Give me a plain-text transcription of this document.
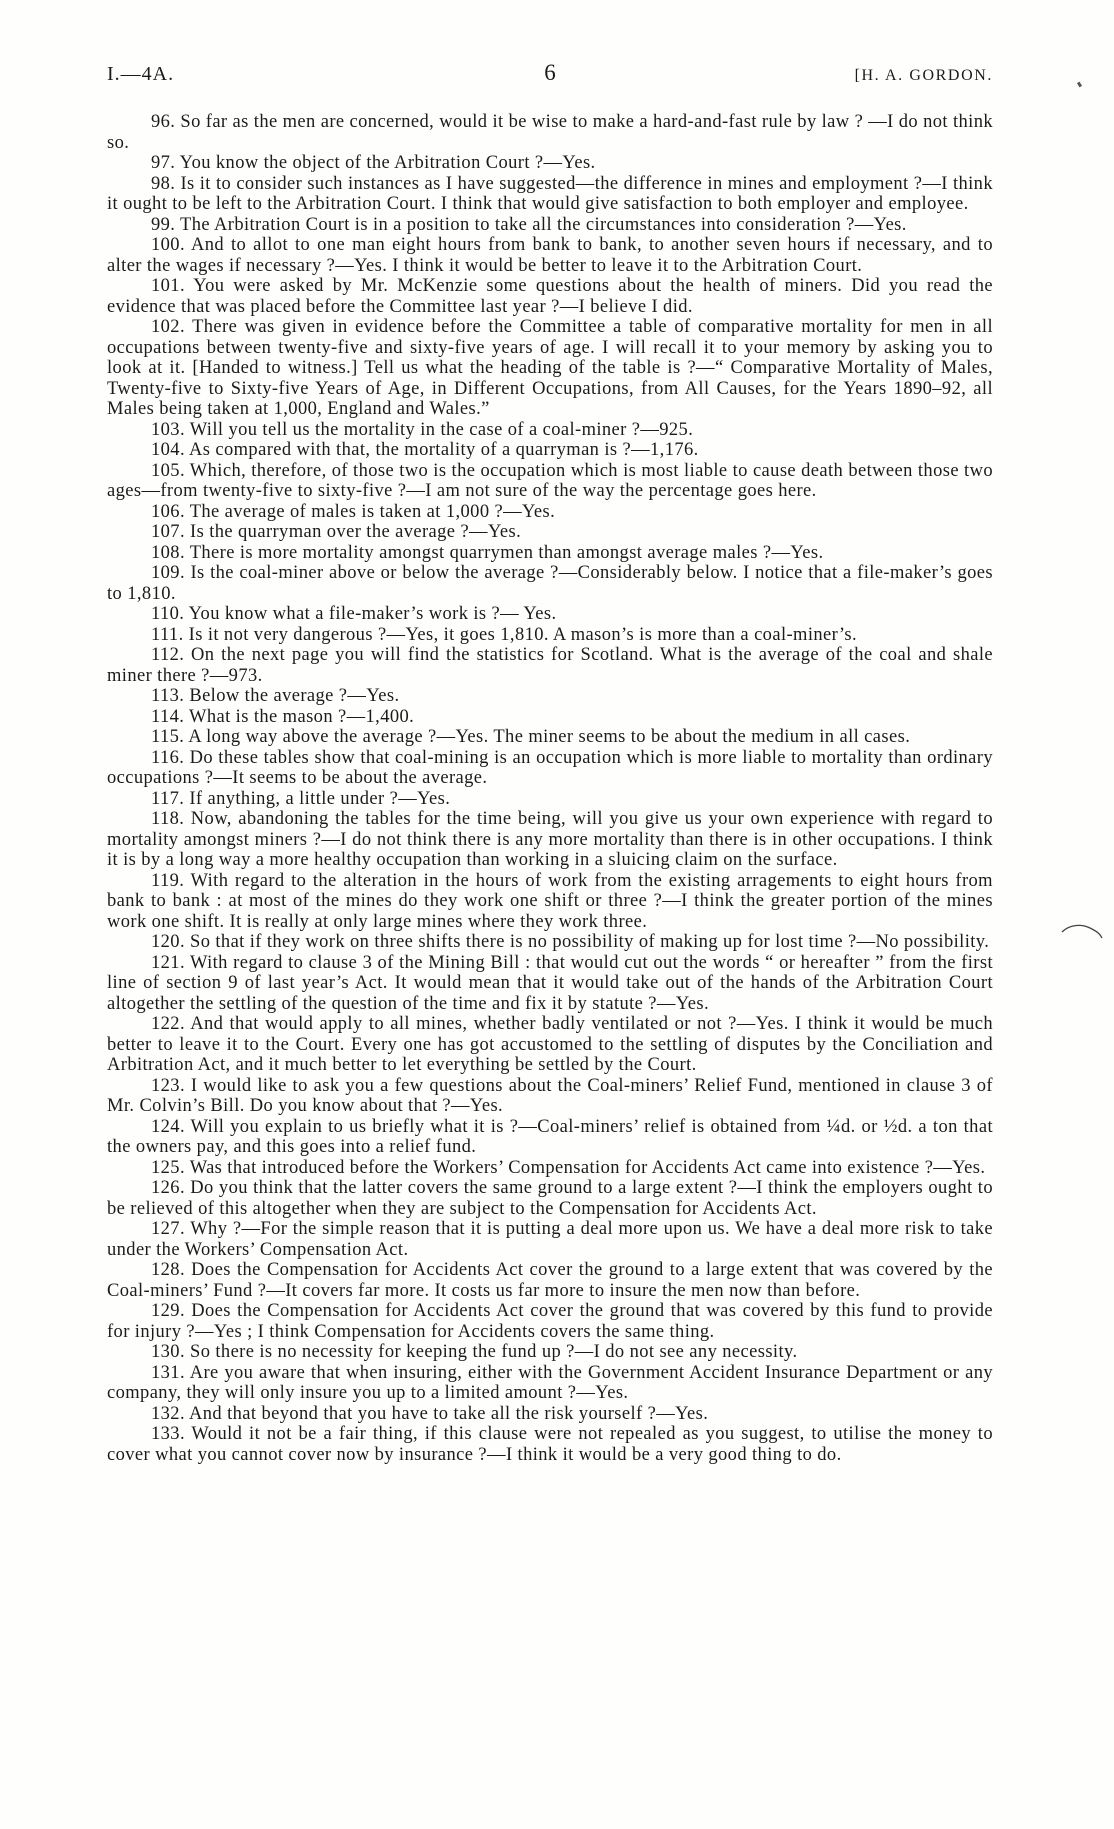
I.—4A.	6	[H. A. GORDON.

96. So far as the men are concerned, would it be wise to make a hard-and-fast rule by law ? —I do not think so.

97. You know the object of the Arbitration Court ?—Yes.

98. Is it to consider such instances as I have suggested—the difference in mines and employment ?—I think it ought to be left to the Arbitration Court. I think that would give satisfaction to both employer and employee.

99. The Arbitration Court is in a position to take all the circumstances into consideration ?—Yes.

100. And to allot to one man eight hours from bank to bank, to another seven hours if necessary, and to alter the wages if necessary ?—Yes. I think it would be better to leave it to the Arbitration Court.

101. You were asked by Mr. McKenzie some questions about the health of miners. Did you read the evidence that was placed before the Committee last year ?—I believe I did.

102. There was given in evidence before the Committee a table of comparative mortality for men in all occupations between twenty-five and sixty-five years of age. I will recall it to your memory by asking you to look at it. [Handed to witness.] Tell us what the heading of the table is ?—“ Comparative Mortality of Males, Twenty-five to Sixty-five Years of Age, in Different Occupations, from All Causes, for the Years 1890–92, all Males being taken at 1,000, England and Wales.”

103. Will you tell us the mortality in the case of a coal-miner ?—925.

104. As compared with that, the mortality of a quarryman is ?—1,176.

105. Which, therefore, of those two is the occupation which is most liable to cause death between those two ages—from twenty-five to sixty-five ?—I am not sure of the way the percentage goes here.

106. The average of males is taken at 1,000 ?—Yes.

107. Is the quarryman over the average ?—Yes.

108. There is more mortality amongst quarrymen than amongst average males ?—Yes.

109. Is the coal-miner above or below the average ?—Considerably below. I notice that a file-maker’s goes to 1,810.

110. You know what a file-maker’s work is ?— Yes.

111. Is it not very dangerous ?—Yes, it goes 1,810. A mason’s is more than a coal-miner’s.

112. On the next page you will find the statistics for Scotland. What is the average of the coal and shale miner there ?—973.

113. Below the average ?—Yes.

114. What is the mason ?—1,400.

115. A long way above the average ?—Yes. The miner seems to be about the medium in all cases.

116. Do these tables show that coal-mining is an occupation which is more liable to mortality than ordinary occupations ?—It seems to be about the average.

117. If anything, a little under ?—Yes.

118. Now, abandoning the tables for the time being, will you give us your own experience with regard to mortality amongst miners ?—I do not think there is any more mortality than there is in other occupations. I think it is by a long way a more healthy occupation than working in a sluicing claim on the surface.

119. With regard to the alteration in the hours of work from the existing arragements to eight hours from bank to bank : at most of the mines do they work one shift or three ?—I think the greater portion of the mines work one shift. It is really at only large mines where they work three.

120. So that if they work on three shifts there is no possibility of making up for lost time ?—No possibility.

121. With regard to clause 3 of the Mining Bill : that would cut out the words “ or hereafter ” from the first line of section 9 of last year’s Act. It would mean that it would take out of the hands of the Arbitration Court altogether the settling of the question of the time and fix it by statute ?—Yes.

122. And that would apply to all mines, whether badly ventilated or not ?—Yes. I think it would be much better to leave it to the Court. Every one has got accustomed to the settling of disputes by the Conciliation and Arbitration Act, and it much better to let everything be settled by the Court.

123. I would like to ask you a few questions about the Coal-miners’ Relief Fund, mentioned in clause 3 of Mr. Colvin’s Bill. Do you know about that ?—Yes.

124. Will you explain to us briefly what it is ?—Coal-miners’ relief is obtained from ¼d. or ½d. a ton that the owners pay, and this goes into a relief fund.

125. Was that introduced before the Workers’ Compensation for Accidents Act came into existence ?—Yes.

126. Do you think that the latter covers the same ground to a large extent ?—I think the employers ought to be relieved of this altogether when they are subject to the Compensation for Accidents Act.

127. Why ?—For the simple reason that it is putting a deal more upon us. We have a deal more risk to take under the Workers’ Compensation Act.

128. Does the Compensation for Accidents Act cover the ground to a large extent that was covered by the Coal-miners’ Fund ?—It covers far more. It costs us far more to insure the men now than before.

129. Does the Compensation for Accidents Act cover the ground that was covered by this fund to provide for injury ?—Yes ; I think Compensation for Accidents covers the same thing.

130. So there is no necessity for keeping the fund up ?—I do not see any necessity.

131. Are you aware that when insuring, either with the Government Accident Insurance Department or any company, they will only insure you up to a limited amount ?—Yes.

132. And that beyond that you have to take all the risk yourself ?—Yes.

133. Would it not be a fair thing, if this clause were not repealed as you suggest, to utilise the money to cover what you cannot cover now by insurance ?—I think it would be a very good thing to do.
